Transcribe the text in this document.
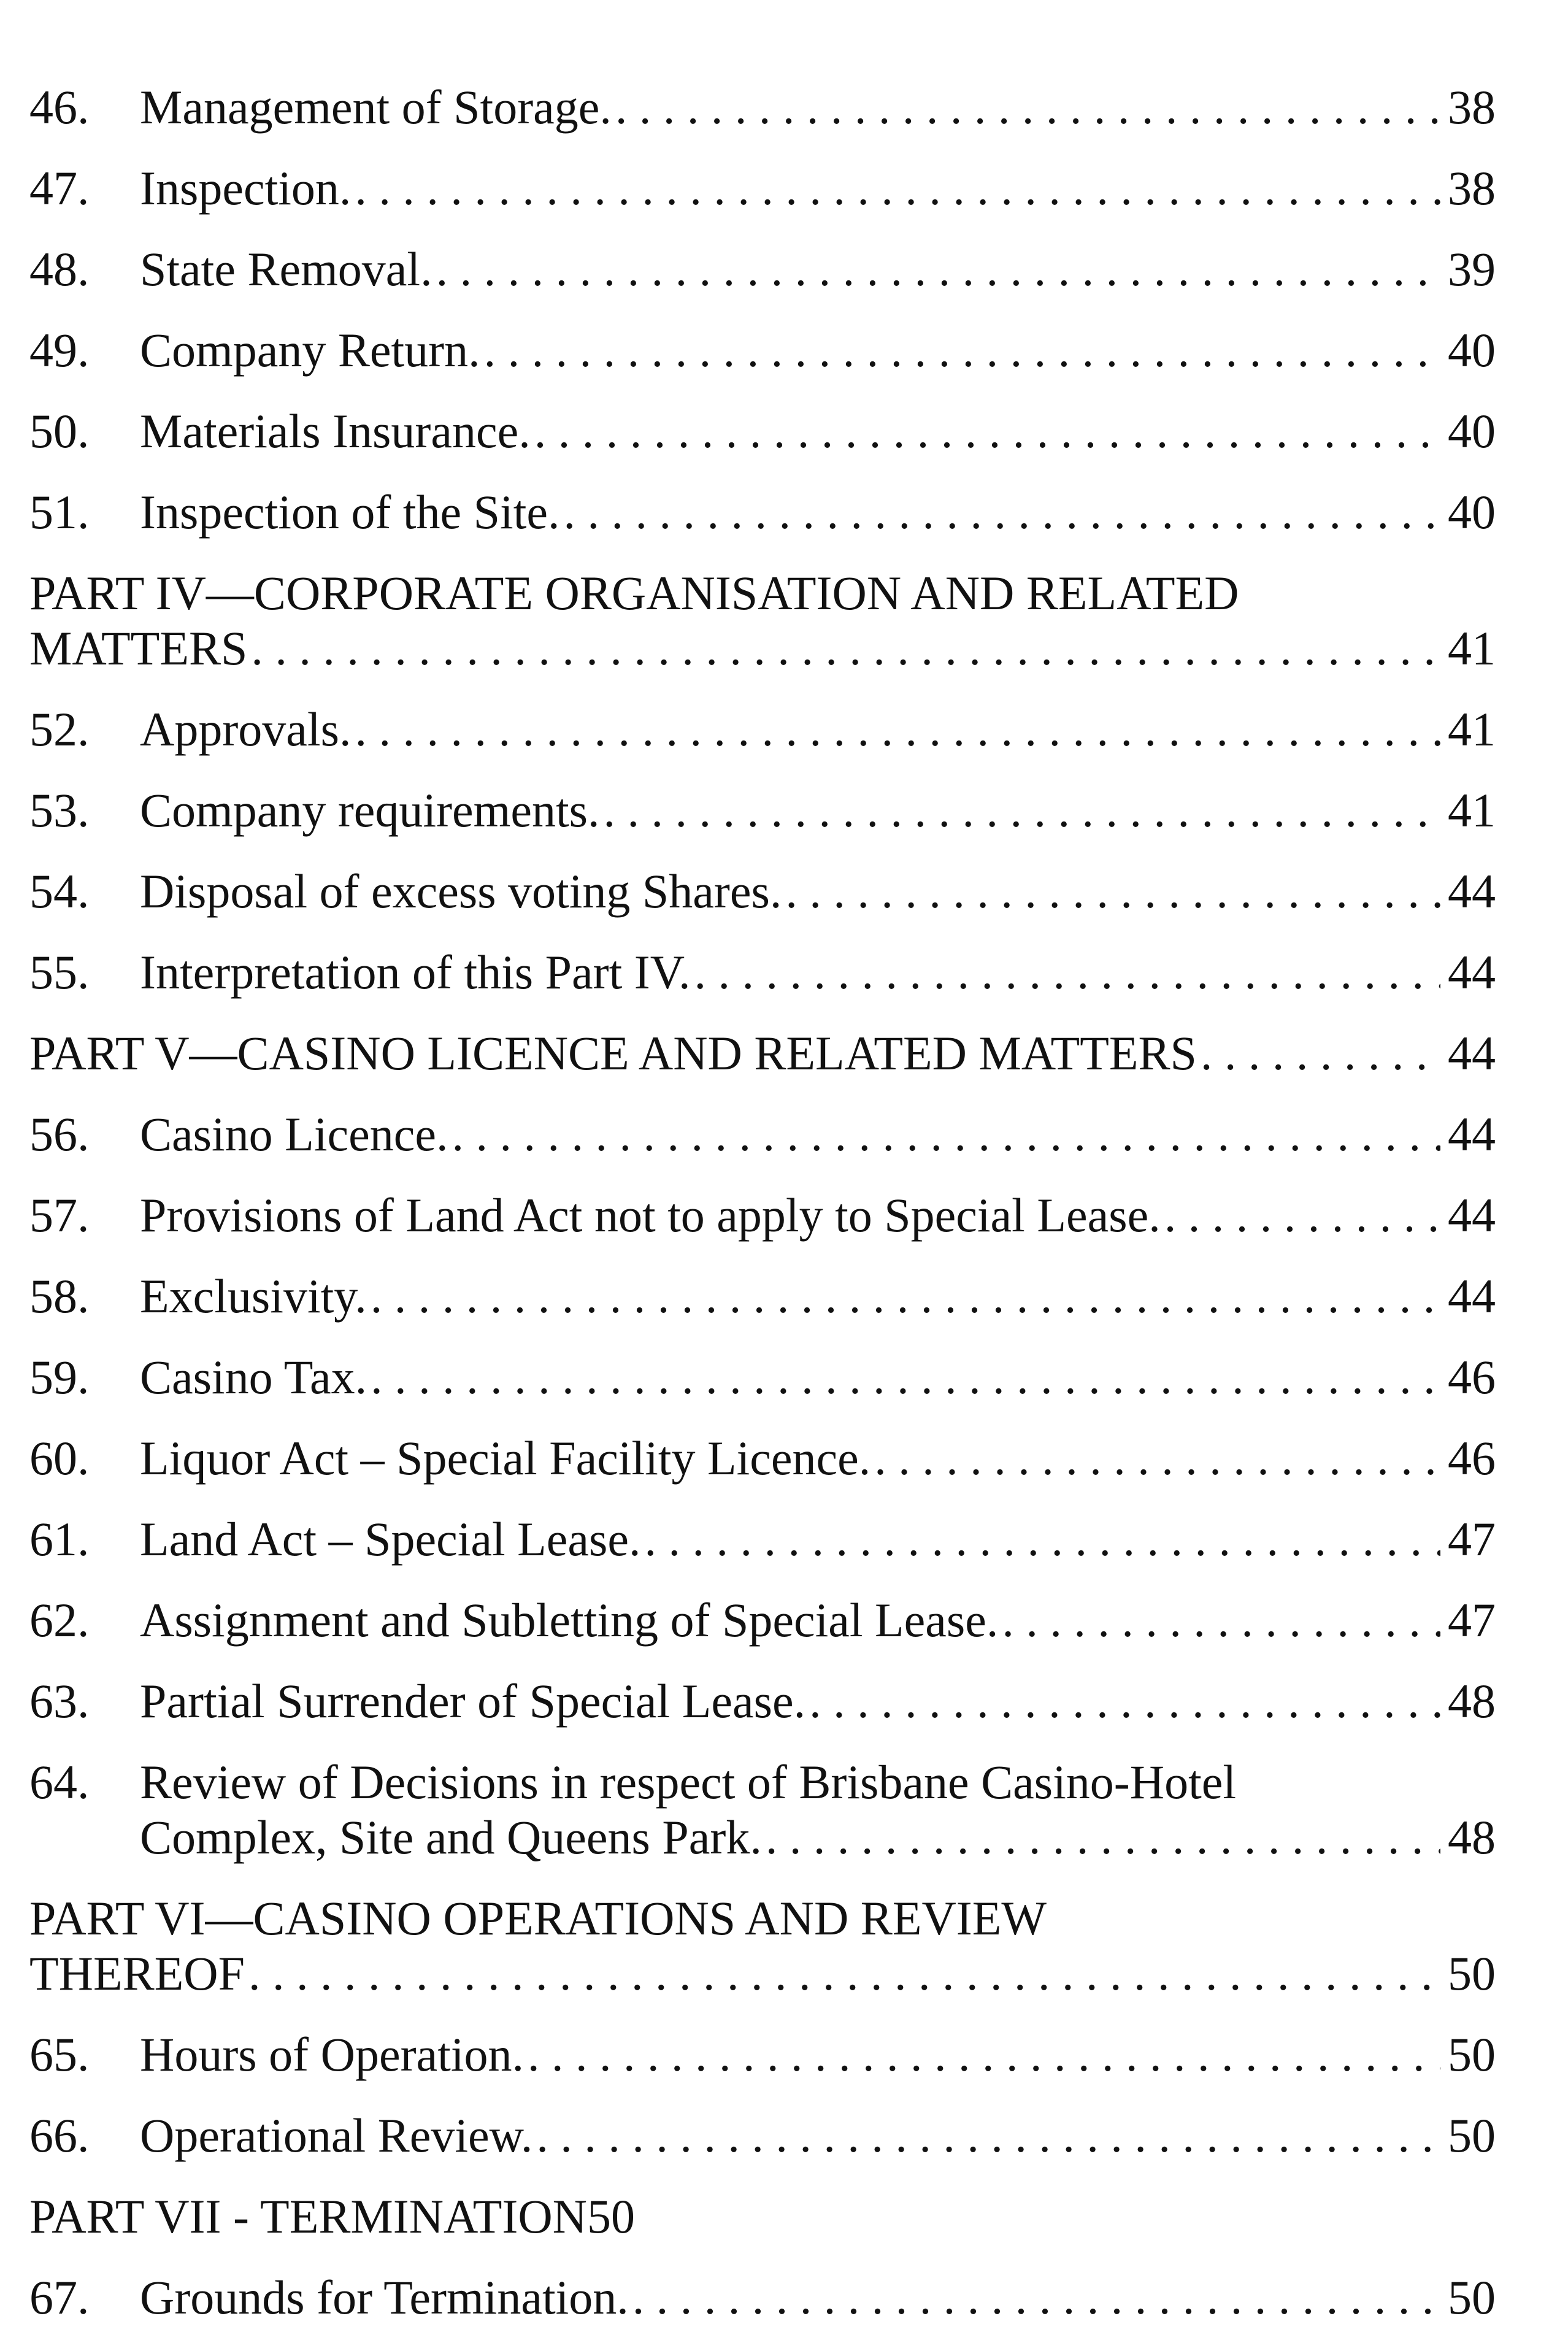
46.	Management of Storage. . . .	38
47.	Inspection. . . .	38
48.	State Removal. . . .	39
49.	Company Return. . . .	40
50.	Materials Insurance. . . .	40
51.	Inspection of the Site. . . .	40
PART IV—CORPORATE ORGANISATION AND RELATED
MATTERS . . .	41
52.	Approvals. . . .	41
53.	Company requirements. . . .	41
54.	Disposal of excess voting Shares. . . .	44
55.	Interpretation of this Part IV. . . .	44
PART V—CASINO LICENCE AND RELATED MATTERS . . .	44
56.	Casino Licence. . . .	44
57.	Provisions of Land Act not to apply to Special Lease. . . .	44
58.	Exclusivity. . . .	44
59.	Casino Tax. . . .	46
60.	Liquor Act – Special Facility Licence. . . .	46
61.	Land Act – Special Lease. . . .	47
62.	Assignment and Subletting of Special Lease. . . .	47
63.	Partial Surrender of Special Lease. . . .	48
64.	Review of Decisions in respect of Brisbane Casino-Hotel
Complex, Site and Queens Park. . . .	48
PART VI—CASINO OPERATIONS AND REVIEW
THEREOF . . .	50
65.	Hours of Operation. . . .	50
66.	Operational Review. . . .	50
PART VII - TERMINATION50
67.	Grounds for Termination. . . .	50
